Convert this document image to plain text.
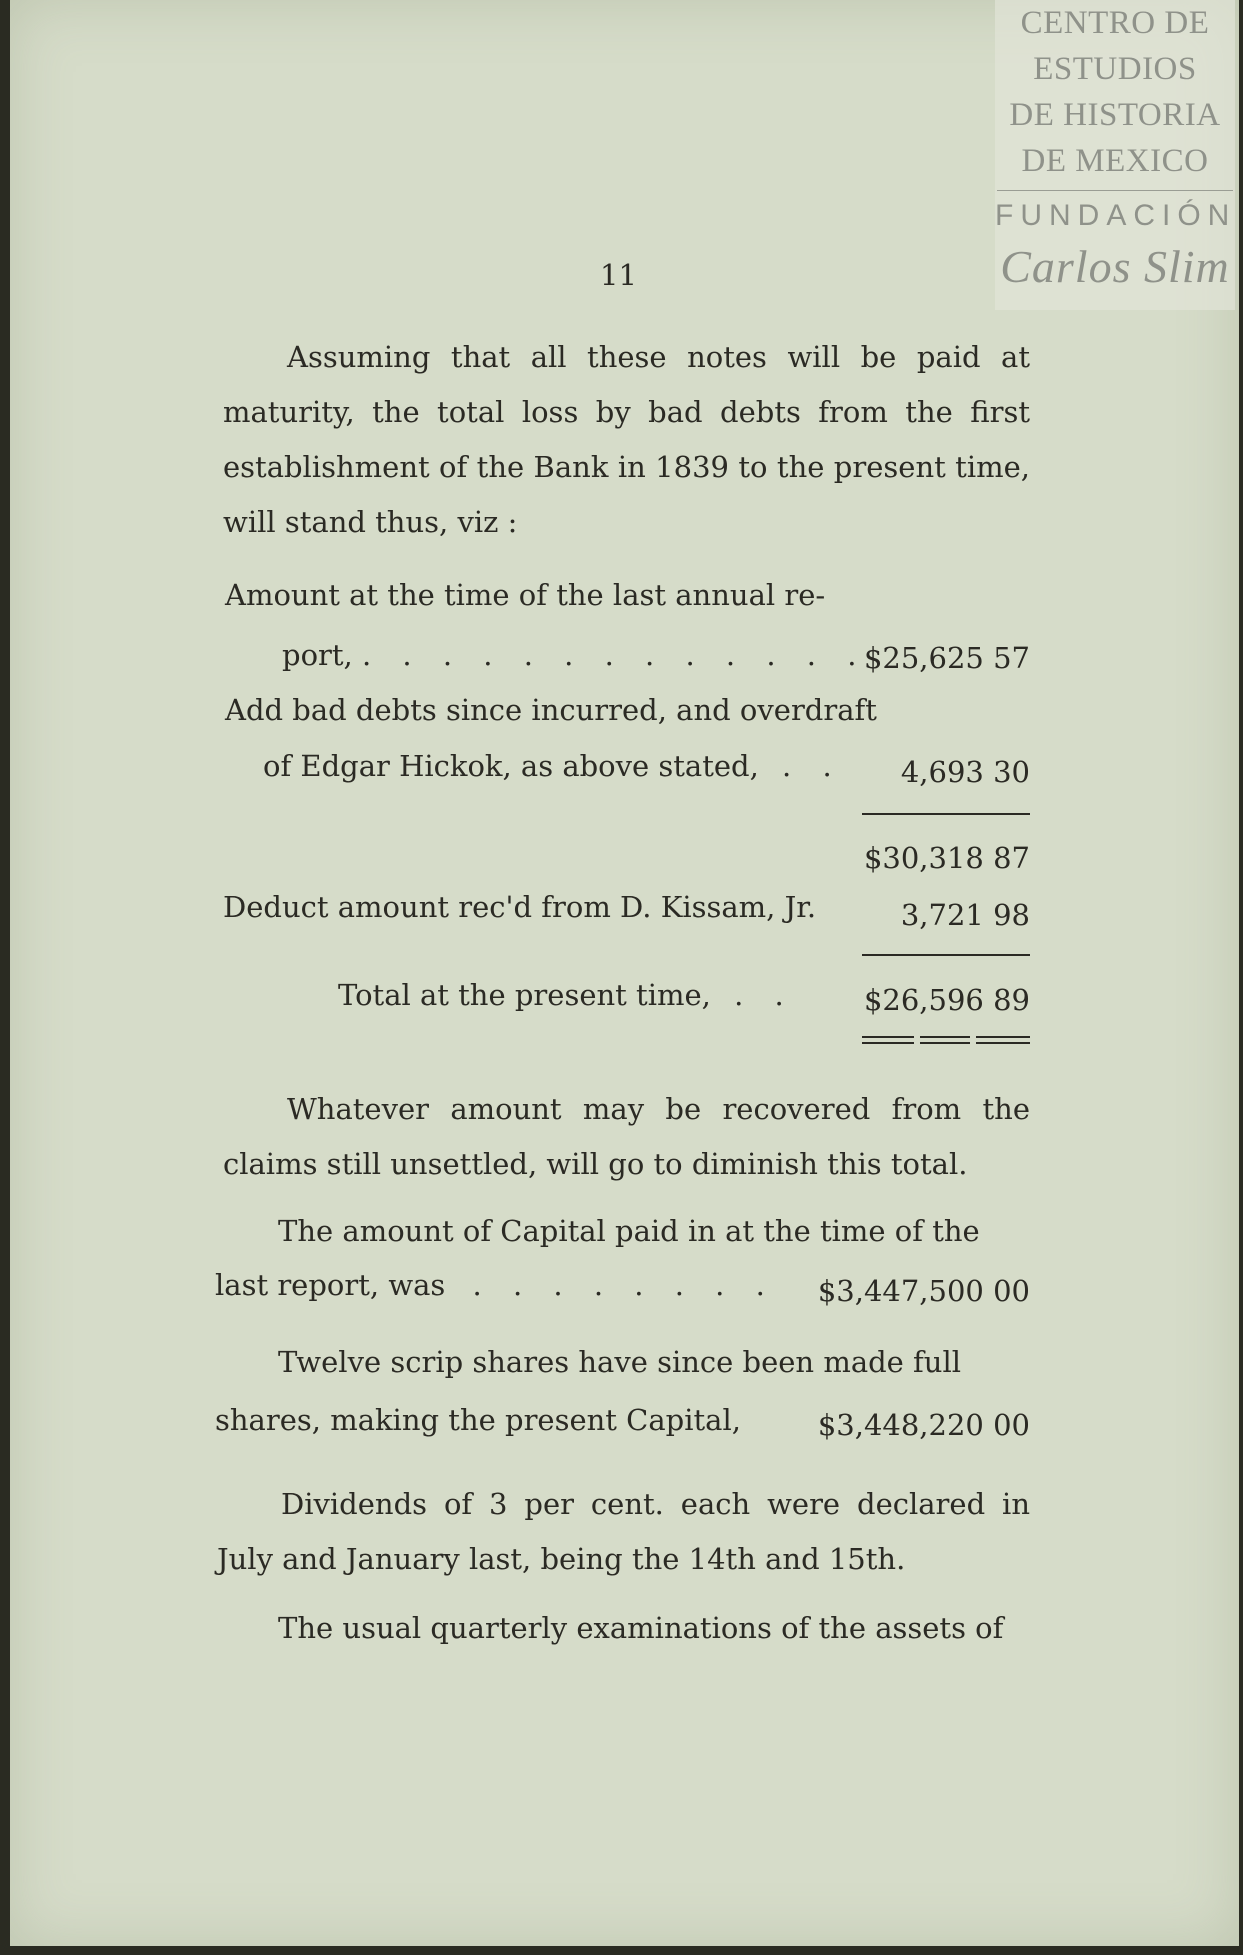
CENTRO DE
ESTUDIOS
DE HISTORIA
DE MEXICO
FUNDACIÓN
Carlos Slim
11
Assuming that all these notes will be paid at maturity, the total loss by bad debts from the first establishment of the Bank in 1839 to the present time, will stand thus, viz :
Amount at the time of the last annual re-
port, . . . . . . . . . . . . .
$25,625 57
Add bad debts since incurred, and overdraft
of Edgar Hickok, as above stated, . . 4,693 30
$30,318 87
Deduct amount rec'd from D. Kissam, Jr.	3,721 98
Total at the present time, . . $26,596 89
Whatever amount may be recovered from the claims still unsettled, will go to diminish this total.
The amount of Capital paid in at the time of the
last report, was . . . . . . . . $3,447,500 00
Twelve scrip shares have since been made full
shares, making the present Capital,	$3,448,220 00
Dividends of 3 per cent. each were declared in July and January last, being the 14th and 15th.
The usual quarterly examinations of the assets of
